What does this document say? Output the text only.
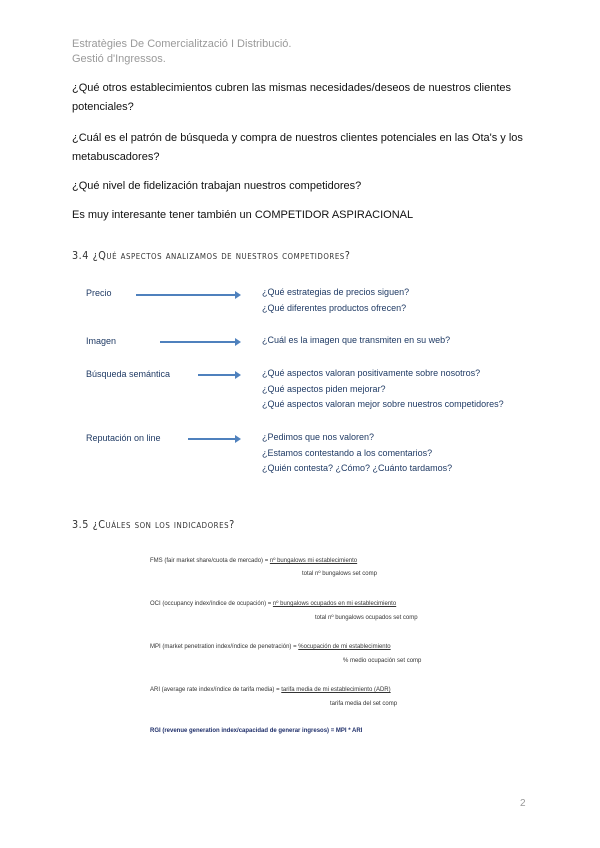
Estratègies De Comercialització I Distribució.
Gestió d'Ingressos.
¿Qué otros establecimientos cubren las mismas necesidades/deseos de nuestros clientes potenciales?
¿Cuál es el patrón de búsqueda y compra de nuestros clientes potenciales en las Ota's y los metabuscadores?
¿Qué nivel de fidelización trabajan nuestros competidores?
Es muy interesante tener también un COMPETIDOR ASPIRACIONAL
3.4 ¿Qué aspectos analizamos de nuestros competidores?
Precio	¿Qué estrategias de precios siguen?
¿Qué diferentes productos ofrecen?
Imagen	¿Cuál es la imagen que transmiten en su web?
Búsqueda semántica	¿Qué aspectos valoran positivamente sobre nosotros?
¿Qué aspectos piden mejorar?
¿Qué aspectos valoran mejor sobre nuestros competidores?
Reputación on line	¿Pedimos que nos valoren?
¿Estamos contestando a los comentarios?
¿Quién contesta? ¿Cómo? ¿Cuánto tardamos?
3.5 ¿Cuáles son los indicadores?
FMS (fair market share/cuota de mercado) = nº bungalows mi establecimiento
total nº bungalows set comp
OCI (occupancy index/índice de ocupación) = nº bungalows ocupados en mi establecimiento
total nº bungalows ocupados set comp
MPI (market penetration index/índice de penetración) = %ocupación de mi establecimiento
% medio ocupación set comp
ARI (average rate index/índice de tarifa media) = tarifa media de mi establecimiento (ADR)
tarifa media del set comp
RGI (revenue generation index/capacidad de generar ingresos) = MPI * ARI
2
